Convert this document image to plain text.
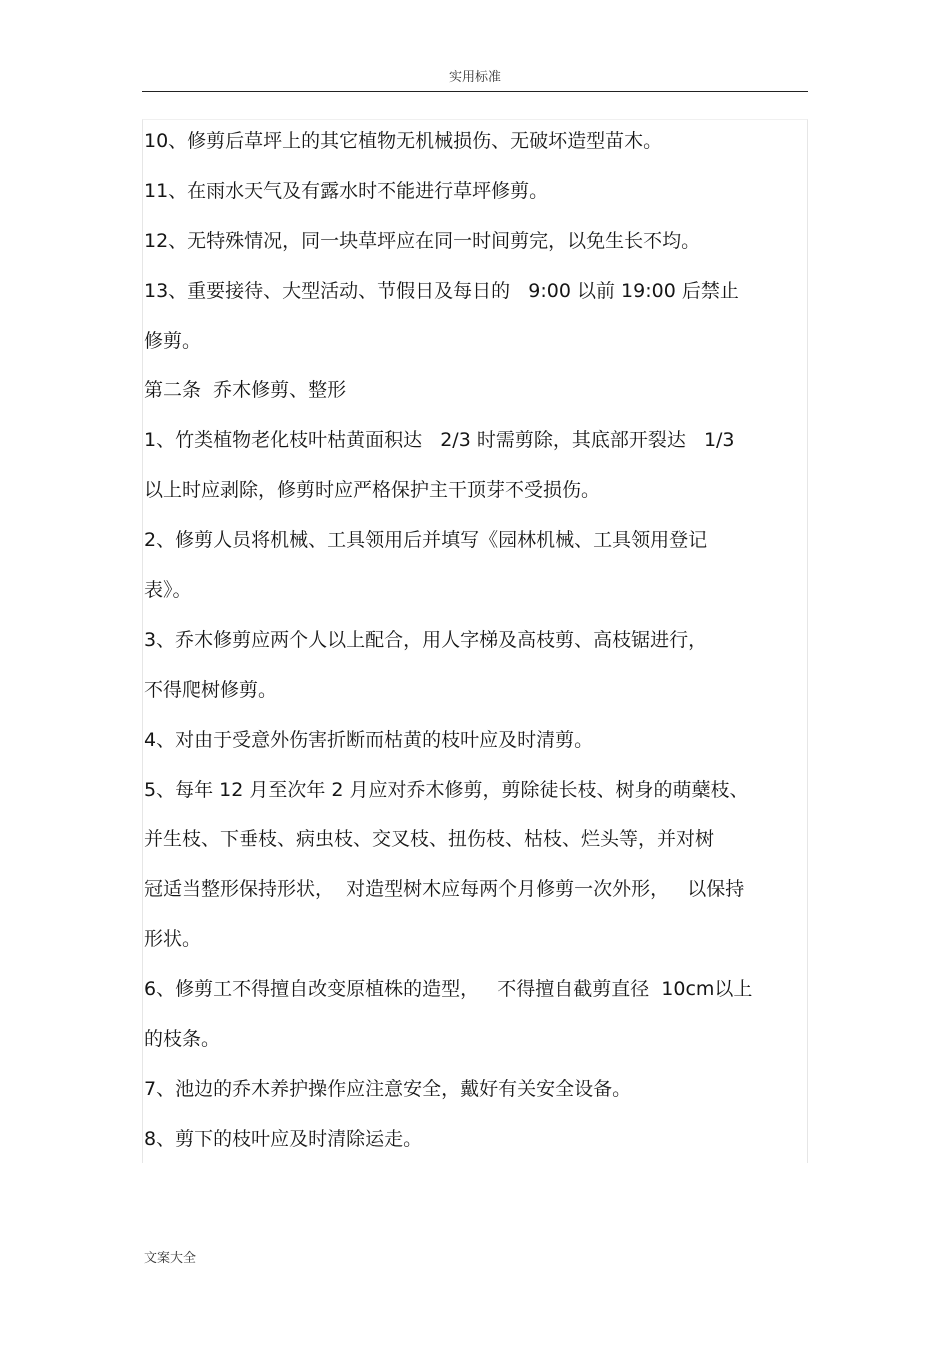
实用标准
10、修剪后草坪上的其它植物无机械损伤、无破坏造型苗木。
11、在雨水天气及有露水时不能进行草坪修剪。
12、无特殊情况，同一块草坪应在同一时间剪完，以免生长不均。
13、重要接待、大型活动、节假日及每日的   9:00 以前 19:00 后禁止
修剪。
第二条  乔木修剪、整形
1、竹类植物老化枝叶枯黄面积达   2/3 时需剪除，其底部开裂达   1/3
以上时应剥除，修剪时应严格保护主干顶芽不受损伤。
2、修剪人员将机械、工具领用后并填写《园林机械、工具领用登记
表》。
3、乔木修剪应两个人以上配合，用人字梯及高枝剪、高枝锯进行，
不得爬树修剪。
4、对由于受意外伤害折断而枯黄的枝叶应及时清剪。
5、每年 12 月至次年 2 月应对乔木修剪，剪除徒长枝、树身的萌蘖枝、
并生枝、下垂枝、病虫枝、交叉枝、扭伤枝、枯枝、烂头等，并对树
冠适当整形保持形状，  对造型树木应每两个月修剪一次外形，   以保持
形状。
6、修剪工不得擅自改变原植株的造型，   不得擅自截剪直径  10cm以上
的枝条。
7、池边的乔木养护操作应注意安全，戴好有关安全设备。
8、剪下的枝叶应及时清除运走。
文案大全
